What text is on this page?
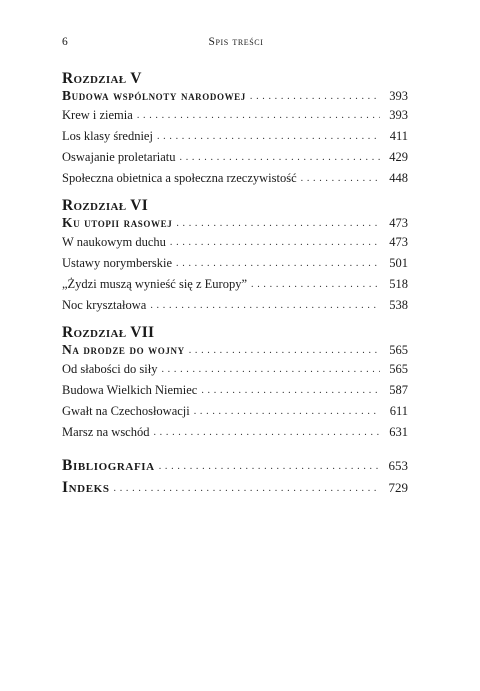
6	Spis treści
Rozdział V
Budowa wspólnoty narodowej . . .	393
Krew i ziemia . . .	393
Los klasy średniej . . .	411
Oswajanie proletariatu . . .	429
Społeczna obietnica a społeczna rzeczywistość . . .	448
Rozdział VI
Ku utopii rasowej . . .	473
W naukowym duchu . . .	473
Ustawy norymberskie . . .	501
„Żydzi muszą wynieść się z Europy” . . .	518
Noc kryształowa . . .	538
Rozdział VII
Na drodze do wojny . . .	565
Od słabości do siły . . .	565
Budowa Wielkich Niemiec . . .	587
Gwałt na Czechosłowacji . . .	611
Marsz na wschód . . .	631
Bibliografia . . .	653
Indeks . . .	729
